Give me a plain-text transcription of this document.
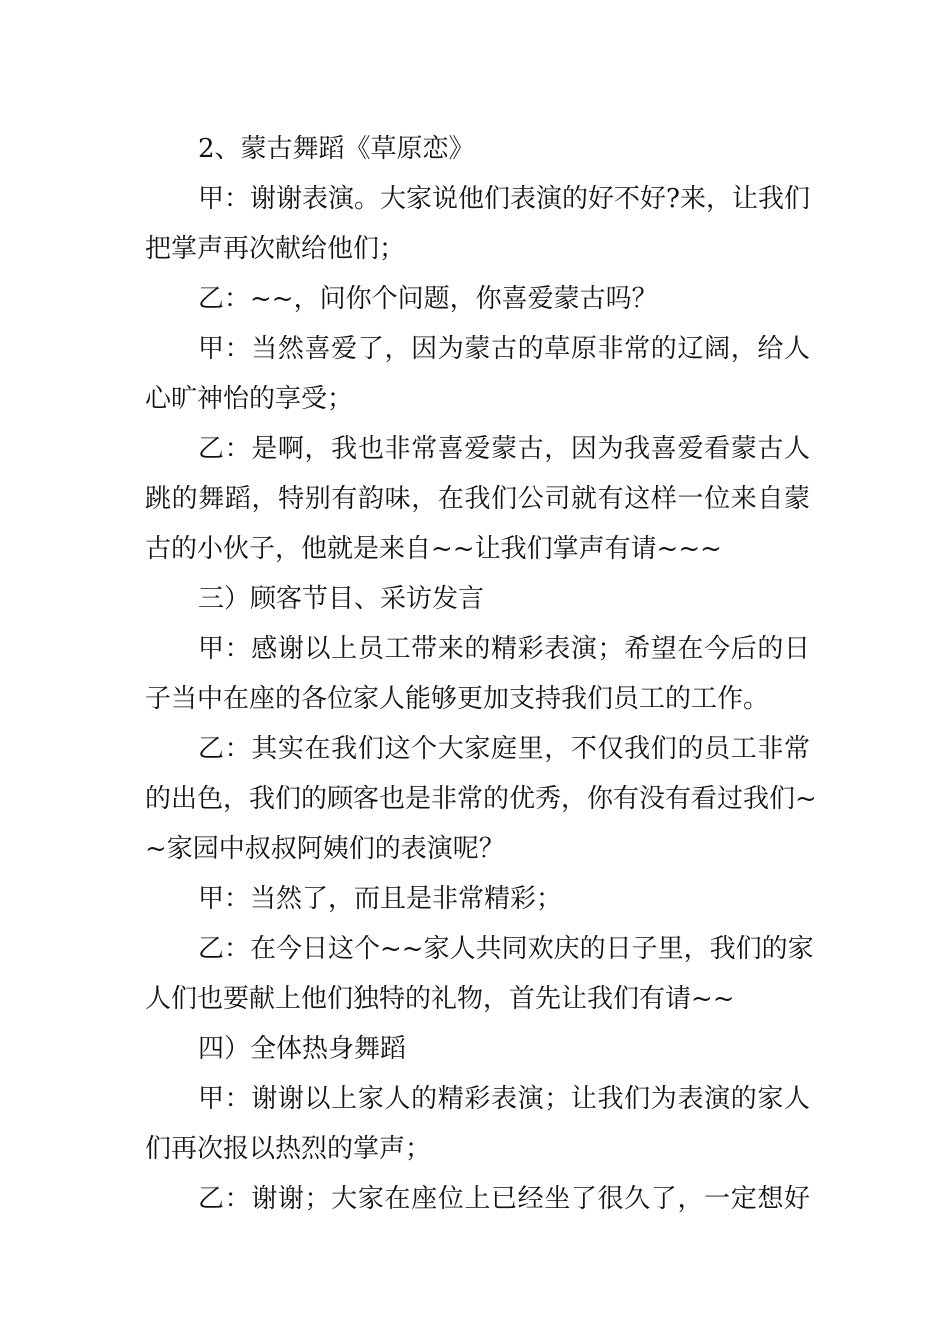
2、蒙古舞蹈《草原恋》
甲：谢谢表演。大家说他们表演的好不好?来，让我们
把掌声再次献给他们；
乙：~~，问你个问题，你喜爱蒙古吗？
甲：当然喜爱了，因为蒙古的草原非常的辽阔，给人
心旷神怡的享受；
乙：是啊，我也非常喜爱蒙古，因为我喜爱看蒙古人
跳的舞蹈，特别有韵味，在我们公司就有这样一位来自蒙
古的小伙子，他就是来自~~让我们掌声有请~~~
三）顾客节目、采访发言
甲：感谢以上员工带来的精彩表演；希望在今后的日
子当中在座的各位家人能够更加支持我们员工的工作。
乙：其实在我们这个大家庭里，不仅我们的员工非常
的出色，我们的顾客也是非常的优秀，你有没有看过我们~
~家园中叔叔阿姨们的表演呢？
甲：当然了，而且是非常精彩；
乙：在今日这个~~家人共同欢庆的日子里，我们的家
人们也要献上他们独特的礼物，首先让我们有请~~
四）全体热身舞蹈
甲：谢谢以上家人的精彩表演；让我们为表演的家人
们再次报以热烈的掌声；
乙：谢谢；大家在座位上已经坐了很久了，一定想好
